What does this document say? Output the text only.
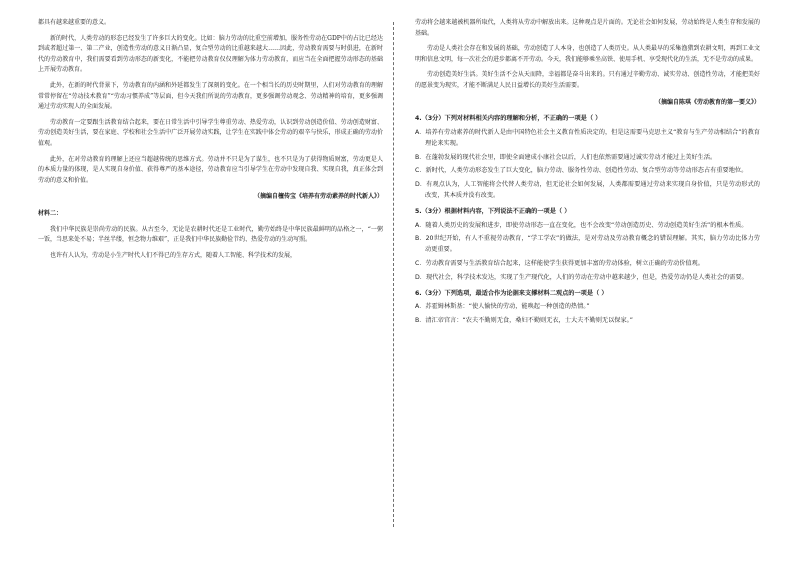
都具有越来越重要的意义。

新的时代，人类劳动的形态已经发生了许多巨大的变化。比如：脑力劳动的比重空前增加，服务性劳动在GDP中的占比已经达到或者超过第一、第二产业，创造性劳动的意义日渐凸显，复合型劳动的比重越来越大……因此，劳动教育需要与时俱进，在新时代的劳动教育中，我们需要看到劳动形态的新变化，不能把劳动教育仅仅理解为体力劳动教育，而应当在全面把握劳动形态的基础上开展劳动教育。

此外，在新的时代背景下，劳动教育的内涵和外延都发生了深刻的变化。在一个相当长的历史时期里，人们对劳动教育的理解常常停留在“劳动技术教育”“劳动习惯养成”等层面，但今天我们所说的劳动教育，更多强调劳动观念、劳动精神的培育，更多强调通过劳动实现人的全面发展。

劳动教育一定要跟生活教育结合起来，要在日常生活中引导学生尊重劳动、热爱劳动，认识到劳动创造价值、劳动创造财富、劳动创造美好生活，要在家庭、学校和社会生活中广泛开展劳动实践，让学生在实践中体会劳动的艰辛与快乐，形成正确的劳动价值观。

此外，在对劳动教育的理解上还应当超越传统的思维方式。劳动并不只是为了谋生，也不只是为了获得物质财富，劳动更是人的本质力量的体现，是人实现自身价值、获得尊严的基本途径，劳动教育应当引导学生在劳动中发现自我、实现自我，真正体会到劳动的意义和价值。

（摘编自檀传宝《培养有劳动素养的时代新人》）

材料二：

我们中华民族是崇尚劳动的民族。从古至今，无论是农耕时代还是工业时代，勤劳始终是中华民族最鲜明的品格之一，“一粥一饭，当思来处不易；半丝半缕，恒念物力维艰”，正是我们中华民族勤俭节约、热爱劳动的生动写照。

也许有人认为，劳动是小生产时代人们不得已的生存方式，随着人工智能、科学技术的发展，

劳动将会越来越被机器所取代，人类将从劳动中解放出来。这种观点是片面的。无论社会如何发展，劳动始终是人类生存和发展的基础。

劳动是人类社会存在和发展的基础，劳动创造了人本身，也创造了人类历史。从人类最早的采集渔猎到农耕文明，再到工业文明和信息文明，每一次社会的进步都离不开劳动。今天，我们能够乘坐高铁、使用手机、享受现代化的生活，无不是劳动的成果。

劳动创造美好生活。美好生活不会从天而降，幸福都是奋斗出来的。只有通过辛勤劳动、诚实劳动、创造性劳动，才能把美好的愿景变为现实，才能不断满足人民日益增长的美好生活需要。

（摘编自陈琪《劳动教育的第一要义》）

4.（3分）下列对材料相关内容的理解和分析，不正确的一项是（ ）

A．培养有劳动素养的时代新人是由中国特色社会主义教育性质决定的，但是这需要马克思主义“教育与生产劳动相结合”的教育理论来实现。

B．在蓬勃发展的现代社会里，即使全面建成小康社会以后，人们也依然需要通过诚实劳动才能过上美好生活。

C．新时代，人类劳动形态发生了巨大变化，脑力劳动、服务性劳动、创造性劳动、复合型劳动等劳动形态占有重要地位。

D．有观点认为，人工智能将会代替人类劳动，但无论社会如何发展，人类都需要通过劳动来实现自身价值，只是劳动形式的改变，其本质并没有改变。

5.（3分）根据材料内容，下列说法不正确的一项是（ ）

A．随着人类历史的发展和进步，即使劳动形态一直在变化，也不会改变“劳动创造历史、劳动创造美好生活”的根本性质。

B．20世纪开始，有人不重视劳动教育，“学工学农”的做法，是对劳动及劳动教育概念的错误理解。其实，脑力劳动比体力劳动更重要。

C．劳动教育需要与生活教育结合起来，这样能使学生获得更加丰富的劳动体验，树立正确的劳动价值观。

D．现代社会，科学技术发达，实现了生产现代化，人们的劳动在劳动中越来越少，但是，热爱劳动仍是人类社会的需要。

6.（3分）下列选项，最适合作为论据来支撑材料二观点的一项是（ ）

A．苏霍姆林斯基：“使人愉快的劳动，能唤起一种创造的热情。”

B．清汇帝宫言：“农夫不勤则无食，桑妇不勤则无衣，士大夫不勤则无以保家。”
